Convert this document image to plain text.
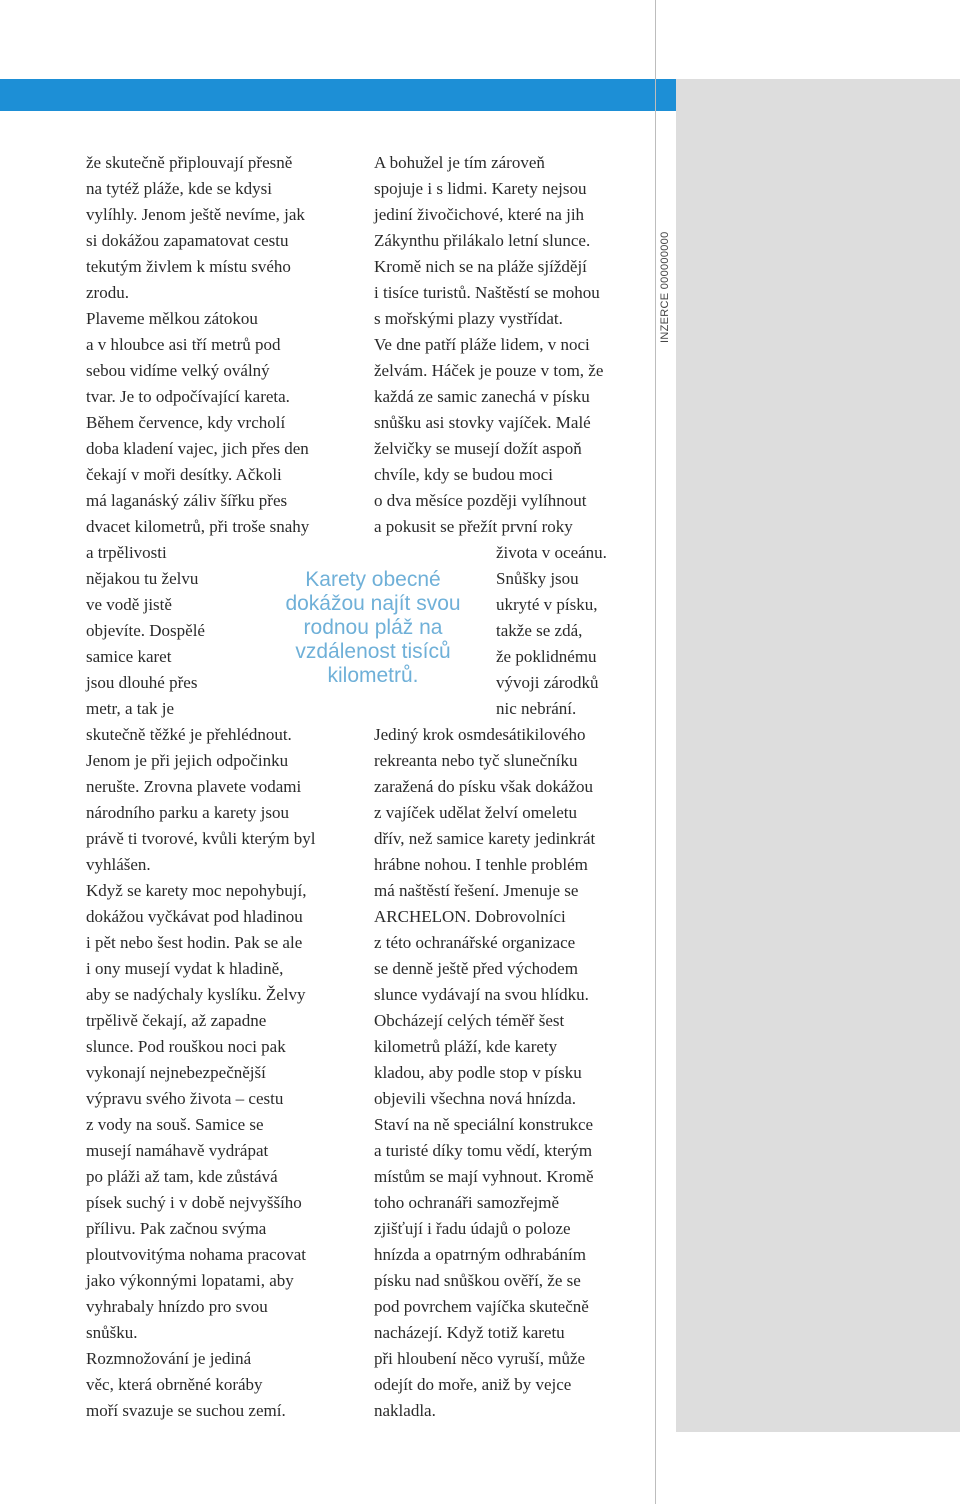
INZERCE 000000000
že skutečně připlouvají přesně
na tytéž pláže, kde se kdysi
vylíhly. Jenom ještě nevíme, jak
si dokážou zapamatovat cestu
tekutým živlem k místu svého
zrodu.
Plaveme mělkou zátokou
a v hloubce asi tří metrů pod
sebou vidíme velký oválný
tvar. Je to odpočívající kareta.
Během července, kdy vrcholí
doba kladení vajec, jich přes den
čekají v moři desítky. Ačkoli
má laganáský záliv šířku přes
dvacet kilometrů, při troše snahy
a trpělivosti
nějakou tu želvu
ve vodě jistě
objevíte. Dospělé
samice karet
jsou dlouhé přes
metr, a tak je
skutečně těžké je přehlédnout.
Jenom je při jejich odpočinku
nerušte. Zrovna plavete vodami
národního parku a karety jsou
právě ti tvorové, kvůli kterým byl
vyhlášen.
Když se karety moc nepohybují,
dokážou vyčkávat pod hladinou
i pět nebo šest hodin. Pak se ale
i ony musejí vydat k hladině,
aby se nadýchaly kyslíku. Želvy
trpělivě čekají, až zapadne
slunce. Pod rouškou noci pak
vykonají nejnebezpečnější
výpravu svého života – cestu
z vody na souš. Samice se
musejí namáhavě vydrápat
po pláži až tam, kde zůstává
písek suchý i v době nejvyššího
přílivu. Pak začnou svýma
ploutvovitýma nohama pracovat
jako výkonnými lopatami, aby
vyhrabaly hnízdo pro svou
snůšku.
Rozmnožování je jediná
věc, která obrněné koráby
moří svazuje se suchou zemí.
A bohužel je tím zároveň
spojuje i s lidmi. Karety nejsou
jediní živočichové, které na jih
Zákynthu přilákalo letní slunce.
Kromě nich se na pláže sjíždějí
i tisíce turistů. Naštěstí se mohou
s mořskými plazy vystřídat.
Ve dne patří pláže lidem, v noci
želvám. Háček je pouze v tom, že
každá ze samic zanechá v písku
snůšku asi stovky vajíček. Malé
želvičky se musejí dožít aspoň
chvíle, kdy se budou moci
o dva měsíce později vylíhnout
a pokusit se přežít první roky
života v oceánu.
Snůšky jsou
ukryté v písku,
takže se zdá,
že poklidnému
vývoji zárodků
nic nebrání.
Jediný krok osmdesátikilového
rekreanta nebo tyč slunečníku
zaražená do písku však dokážou
z vajíček udělat želví omeletu
dřív, než samice karety jedinkrát
hrábne nohou. I tenhle problém
má naštěstí řešení. Jmenuje se
ARCHELON. Dobrovolníci
z této ochranářské organizace
se denně ještě před východem
slunce vydávají na svou hlídku.
Obcházejí celých téměř šest
kilometrů pláží, kde karety
kladou, aby podle stop v písku
objevili všechna nová hnízda.
Staví na ně speciální konstrukce
a turisté díky tomu vědí, kterým
místům se mají vyhnout. Kromě
toho ochranáři samozřejmě
zjišťují i řadu údajů o poloze
hnízda a opatrným odhrabáním
písku nad snůškou ověří, že se
pod povrchem vajíčka skutečně
nacházejí. Když totiž karetu
při hloubení něco vyruší, může
odejít do moře, aniž by vejce
nakladla.
Karety obecné
dokážou najít svou
rodnou pláž na
vzdálenost tisíců
kilometrů.
